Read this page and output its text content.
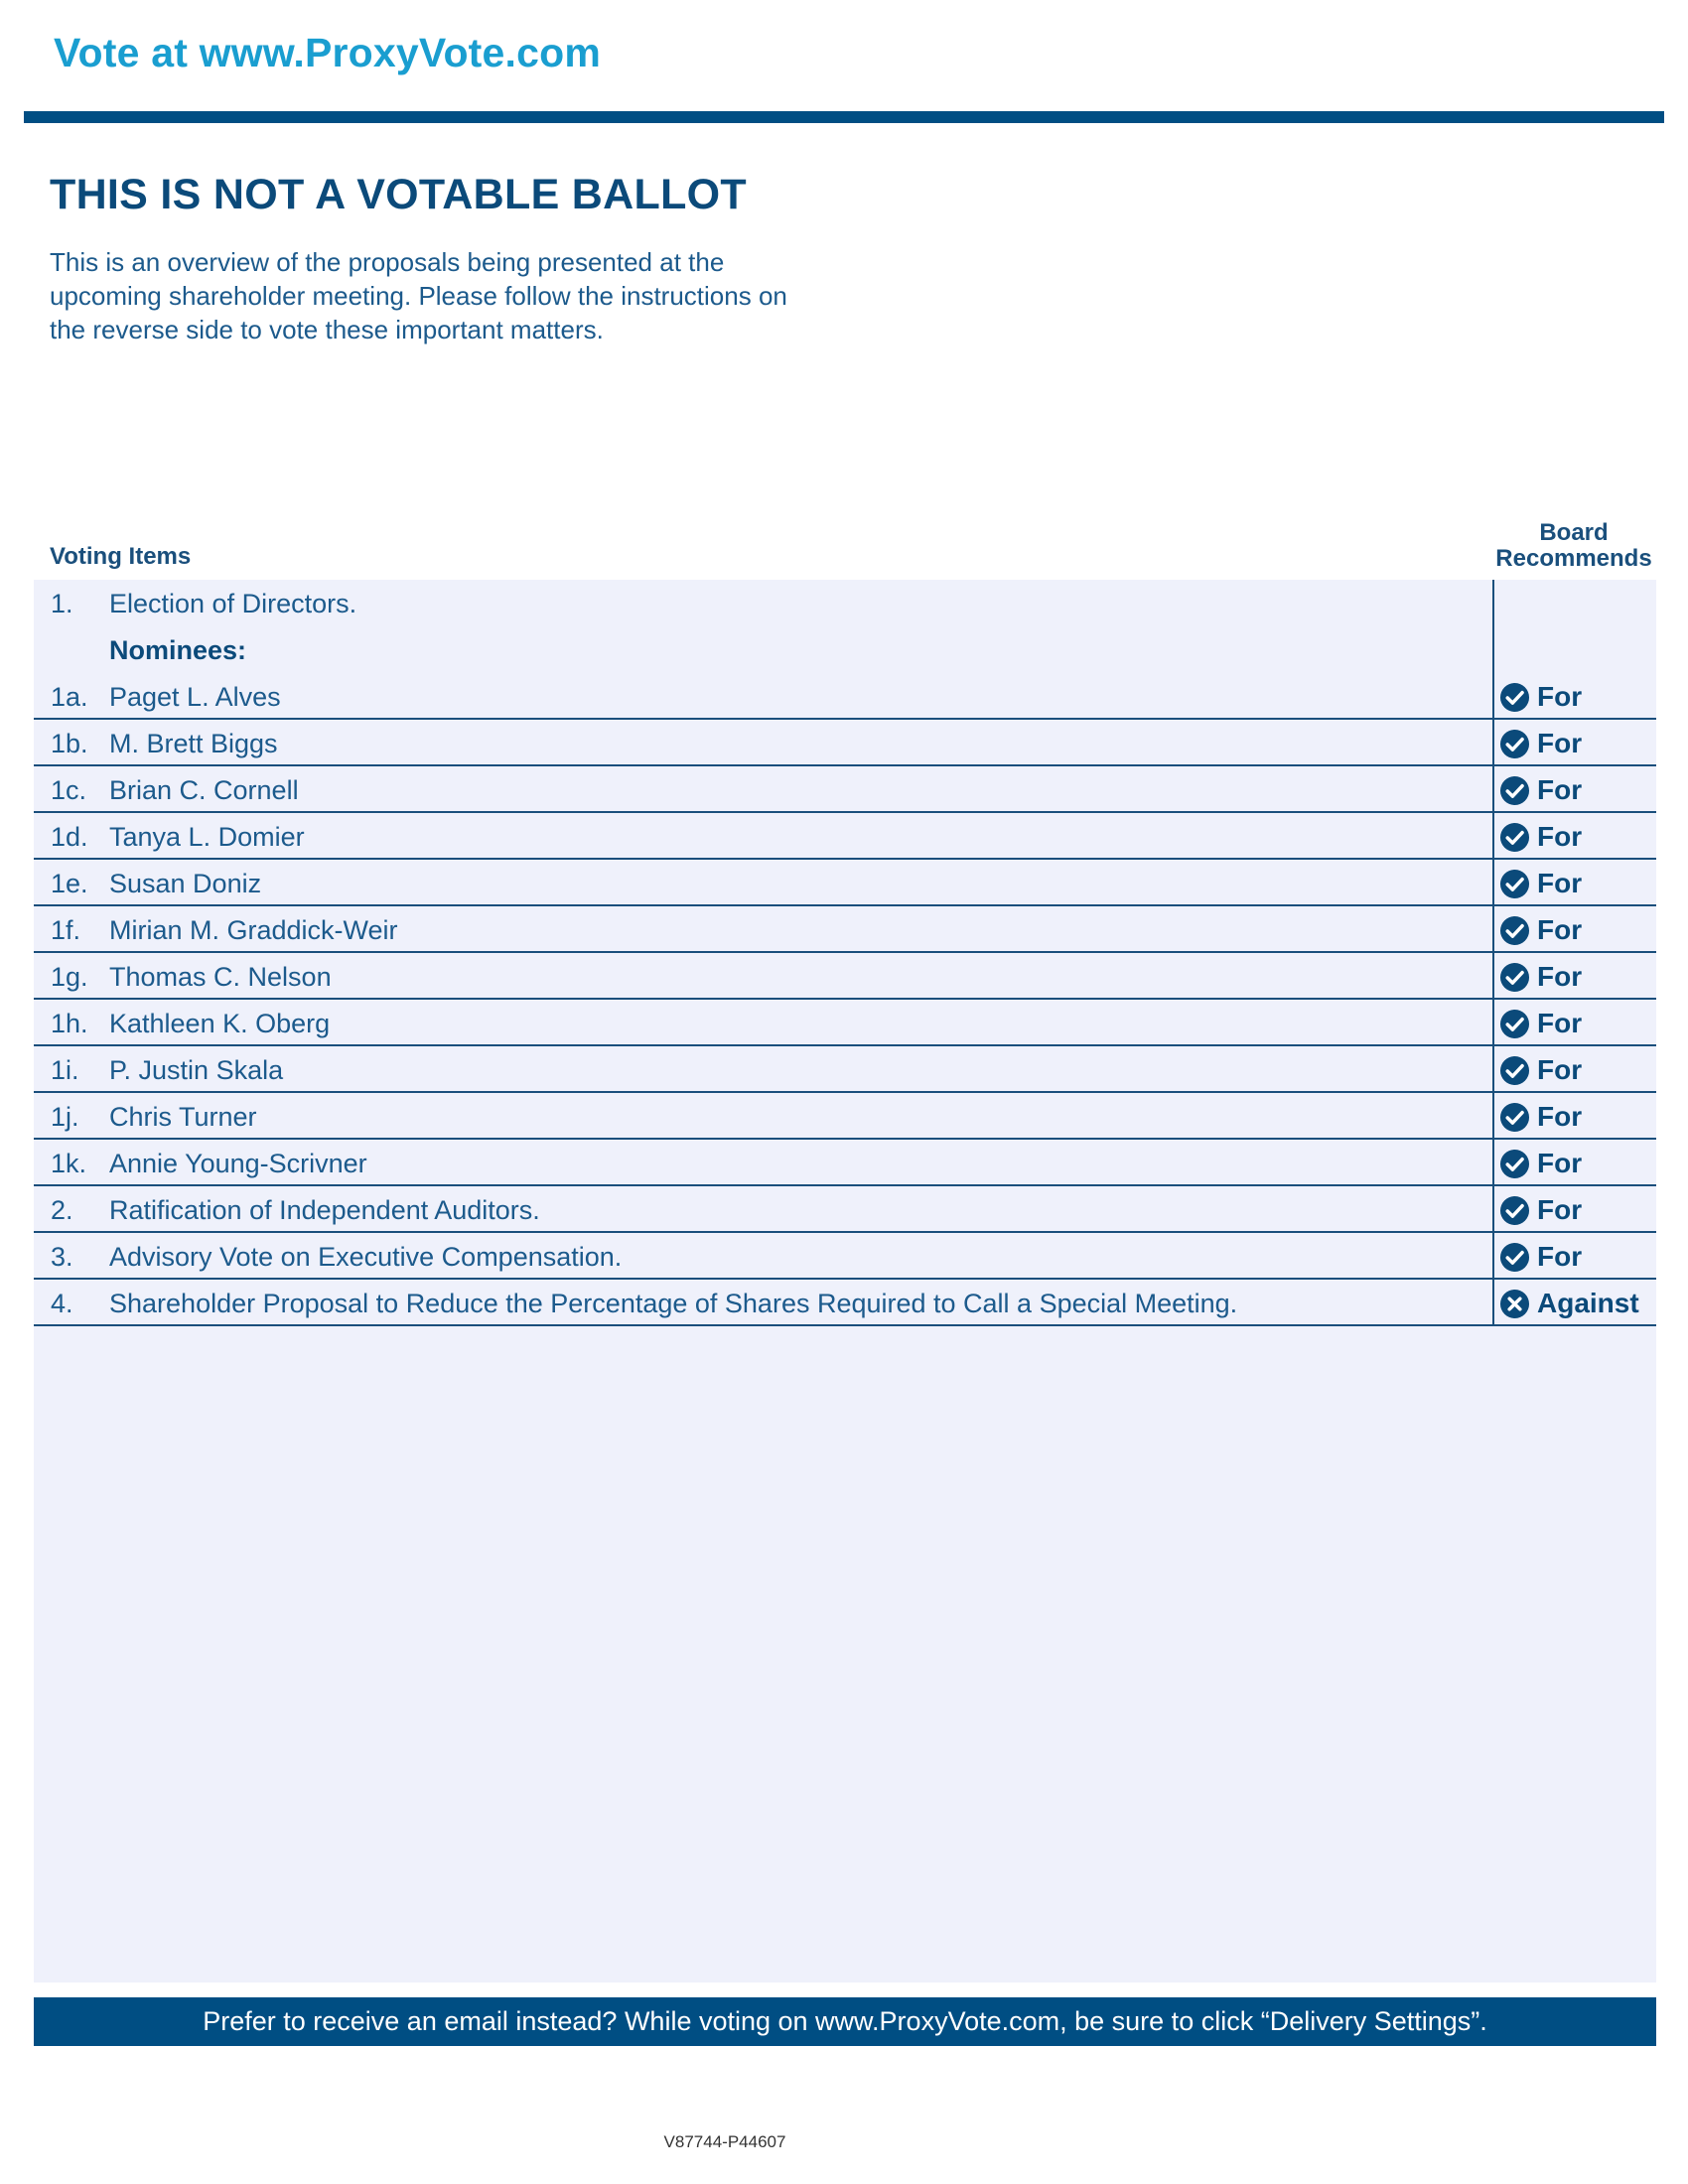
Vote at www.ProxyVote.com
THIS IS NOT A VOTABLE BALLOT
This is an overview of the proposals being presented at the
upcoming shareholder meeting. Please follow the instructions on
the reverse side to vote these important matters.
Voting Items
Board
Recommends
1. Election of Directors.
Nominees:
1a. Paget L. Alves	For
1b. M. Brett Biggs	For
1c. Brian C. Cornell	For
1d. Tanya L. Domier	For
1e. Susan Doniz	For
1f. Mirian M. Graddick-Weir	For
1g. Thomas C. Nelson	For
1h. Kathleen K. Oberg	For
1i. P. Justin Skala	For
1j. Chris Turner	For
1k. Annie Young-Scrivner	For
2. Ratification of Independent Auditors.	For
3. Advisory Vote on Executive Compensation.	For
4. Shareholder Proposal to Reduce the Percentage of Shares Required to Call a Special Meeting.	Against
Prefer to receive an email instead? While voting on www.ProxyVote.com, be sure to click “Delivery Settings”.
V87744-P44607
